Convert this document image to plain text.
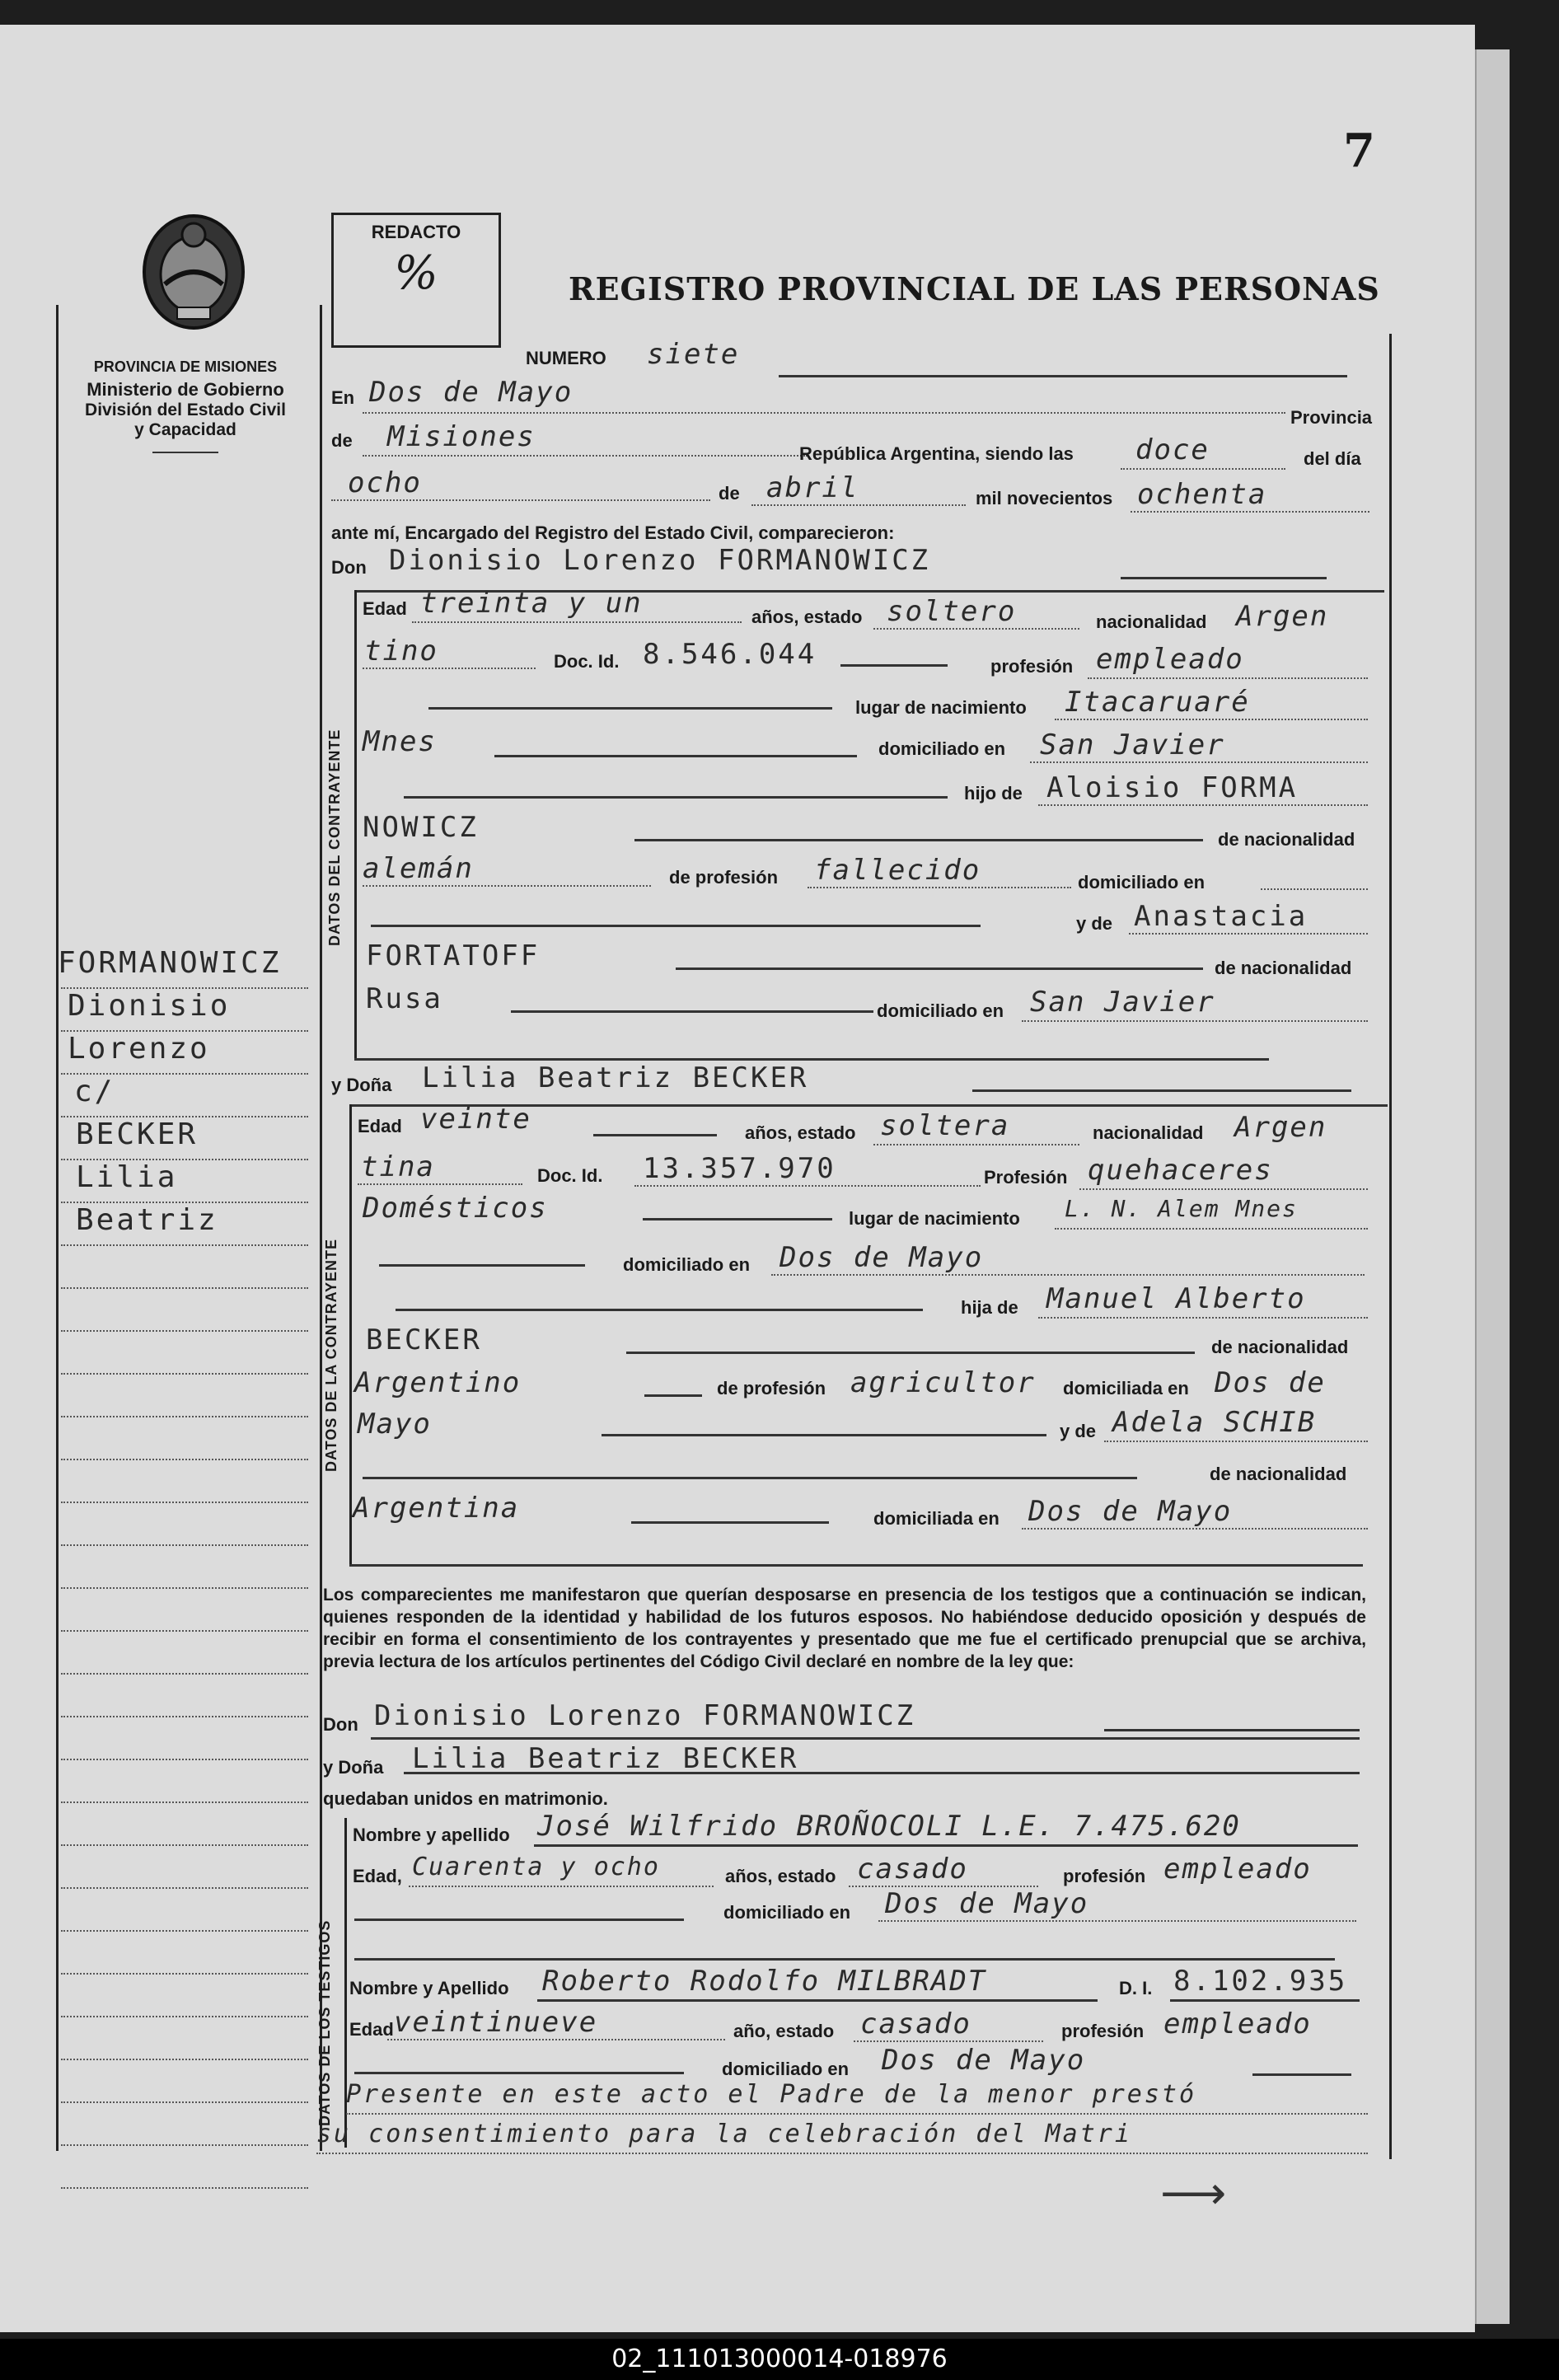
7
PROVINCIA DE MISIONES
Ministerio de Gobierno
División del Estado Civil
y Capacidad
FORMANOWICZ
Dionisio
Lorenzo
c/
BECKER
Lilia
Beatriz
REDACTO
%	REGISTRO PROVINCIAL DE LAS PERSONAS
NUMERO siete
En Dos de Mayo
Provincia
de Misiones
República Argentina, siendo las doce	del día
ocho	de abril	mil novecientos ochenta
ante mí, Encargado del Registro del Estado Civil, comparecieron:
Don Dionisio Lorenzo FORMANOWICZ
DATOS DEL CONTRAYENTE
Edad treinta y un	años, estado soltero	nacionalidad Argen
tino	Doc. Id. 8.546.044	profesión empleado
lugar de nacimiento Itacaruaré
Mnes	domiciliado en San Javier
hijo de Aloisio FORMA
NOWICZ	de nacionalidad
alemán	de profesión fallecido	domiciliado en
y de Anastacia
FORTATOFF	de nacionalidad
Rusa	domiciliado en San Javier
y Doña Lilia Beatriz BECKER
DATOS DE LA CONTRAYENTE
Edad veinte	años, estado soltera	nacionalidad Argen
tina	Doc. Id. 13.357.970	Profesión quehaceres
Domésticos	lugar de nacimiento L. N. Alem Mnes
domiciliado en Dos de Mayo
hija de Manuel Alberto
BECKER	de nacionalidad
Argentino	de profesión agricultor domiciliada en Dos de
Mayo	y de Adela SCHIB
de nacionalidad
Argentina	domiciliada en Dos de Mayo
Los comparecientes me manifestaron que querían desposarse en presencia de los testigos que a continuación se indican, quienes responden de la identidad y habilidad de los futuros esposos. No habiéndose deducido oposición y después de recibir en forma el consentimiento de los contrayentes y presentado que me fue el certificado prenupcial que se archiva, previa lectura de los artículos pertinentes del Código Civil declaré en nombre de la ley que:
Don Dionisio Lorenzo FORMANOWICZ
y Doña Lilia Beatriz BECKER
quedaban unidos en matrimonio.
DATOS DE LOS TESTIGOS
Nombre y apellido José Wilfrido BROÑOCOLI L.E. 7.475.620
Edad, Cuarenta y ocho	años, estado casado	profesión empleado
domiciliado en Dos de Mayo
Nombre y Apellido Roberto Rodolfo MILBRADT	D. I. 8.102.935
Edad veintinueve	año, estado casado	profesión empleado
domiciliado en Dos de Mayo
Presente en este acto el Padre de la menor prestó
su consentimiento para la celebración del Matri
⟶
02_111013000014-018976
